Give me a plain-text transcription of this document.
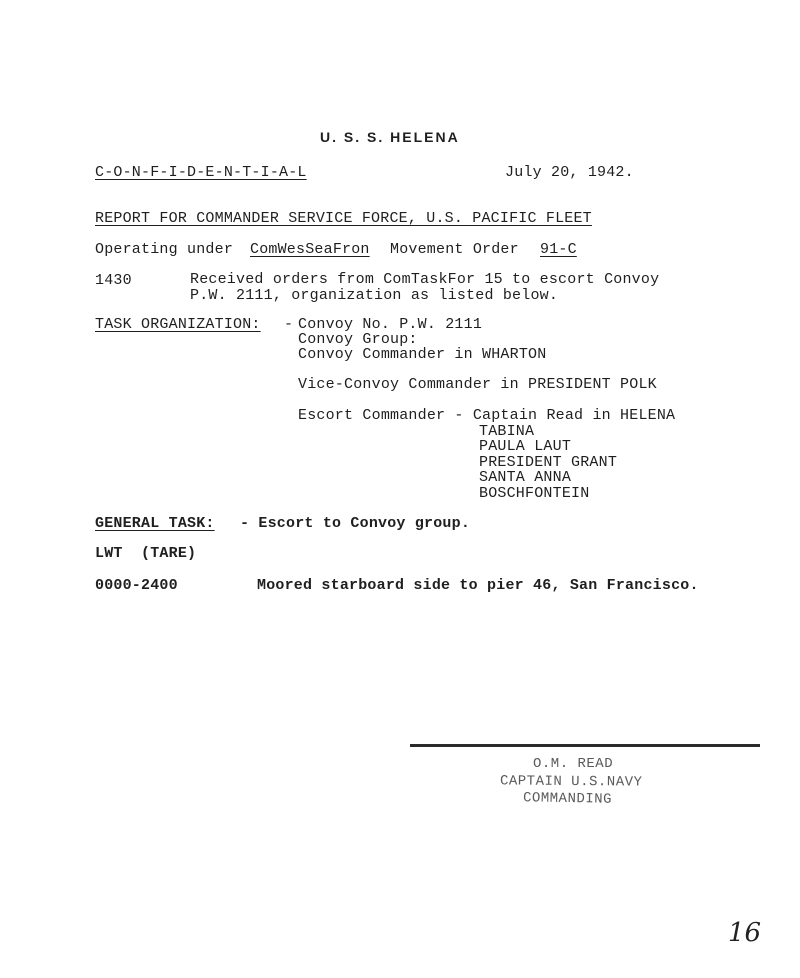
U. S. S. HELENA
C-O-N-F-I-D-E-N-T-I-A-L	July 20, 1942.
REPORT FOR COMMANDER SERVICE FORCE, U.S. PACIFIC FLEET
Operating under ComWesSeaFron Movement Order 91-C
1430	Received orders from ComTaskFor 15 to escort Convoy
P.W. 2111, organization as listed below.
TASK ORGANIZATION: - Convoy No. P.W. 2111
Convoy Group:
Convoy Commander in WHARTON
Vice-Convoy Commander in PRESIDENT POLK
Escort Commander - Captain Read in HELENA
TABINA
PAULA LAUT
PRESIDENT GRANT
SANTA ANNA
BOSCHFONTEIN
GENERAL TASK: - Escort to Convoy group.
LWT  (TARE)
0000-2400	Moored starboard side to pier 46, San Francisco.
O.M. READ
CAPTAIN U.S.NAVY
COMMANDING
16
